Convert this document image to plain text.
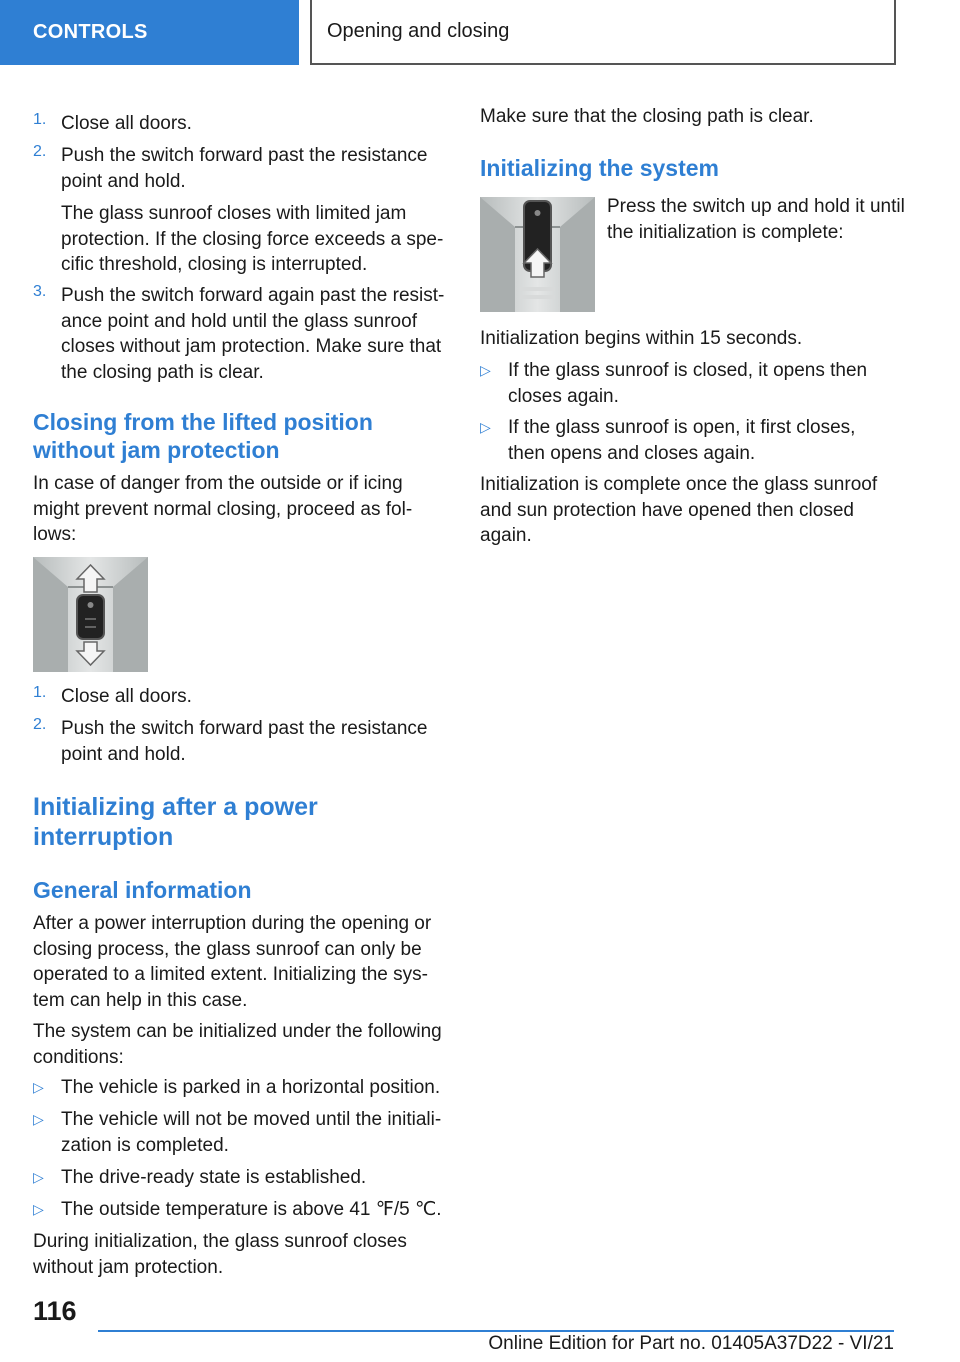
CONTROLS	Opening and closing
1. Close all doors.

2. Push the switch forward past the resistance point and hold.

The glass sunroof closes with limited jam protection. If the closing force exceeds a specific threshold, closing is interrupted.

3. Push the switch forward again past the resistance point and hold until the glass sunroof closes without jam protection. Make sure that the closing path is clear.

Closing from the lifted position without jam protection

In case of danger from the outside or if icing might prevent normal closing, proceed as follows:

1. Close all doors.

2. Push the switch forward past the resistance point and hold.

Initializing after a power interruption
General information

After a power interruption during the opening or closing process, the glass sunroof can only be operated to a limited extent. Initializing the system can help in this case.

The system can be initialized under the following conditions:

▷ The vehicle is parked in a horizontal position.

▷ The vehicle will not be moved until the initialization is completed.

▷ The drive-ready state is established.

▷ The outside temperature is above 41 ℉/5 ℃.

During initialization, the glass sunroof closes without jam protection.

Make sure that the closing path is clear.

Initializing the system

Press the switch up and hold it until the initialization is complete:

Initialization begins within 15 seconds.

▷ If the glass sunroof is closed, it opens then closes again.

▷ If the glass sunroof is open, it first closes, then opens and closes again.

Initialization is complete once the glass sunroof and sun protection have opened then closed again.

116
Online Edition for Part no. 01405A37D22 - VI/21
